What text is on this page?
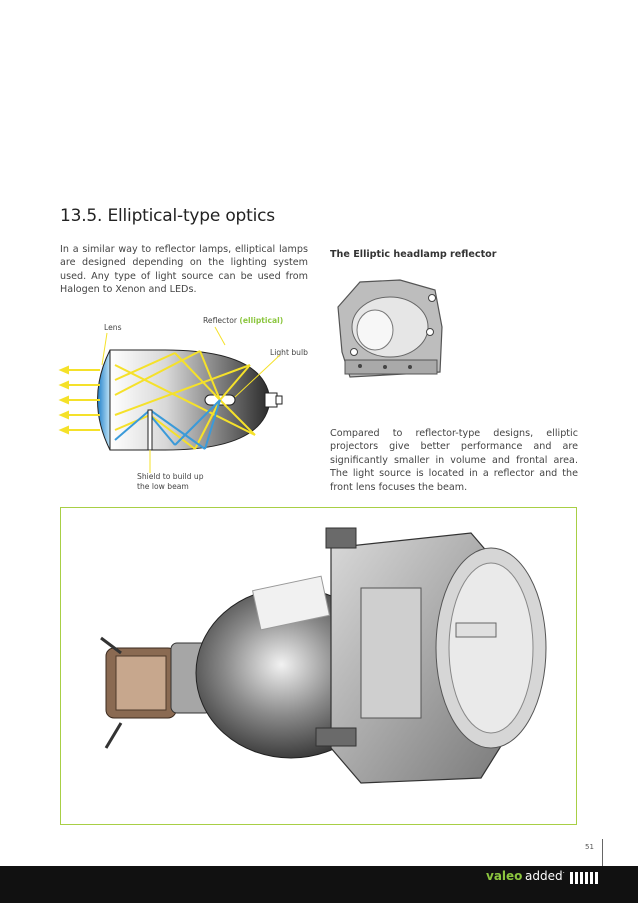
13.5. Elliptical-type optics
In a similar way to reflector lamps, elliptical lamps are designed depending on the lighting system used. Any type of light source can be used from Halogen to Xenon and LEDs.
Lens
Reflector (elliptical)
Light bulb
Shield to build up
the low beam
The Elliptic headlamp reflector
Compared to reflector-type designs, elliptic projectors give better performance and are significantly smaller in volume and frontal area. The light source is located in a reflector and the front lens focuses the beam.
51
valeo added·
